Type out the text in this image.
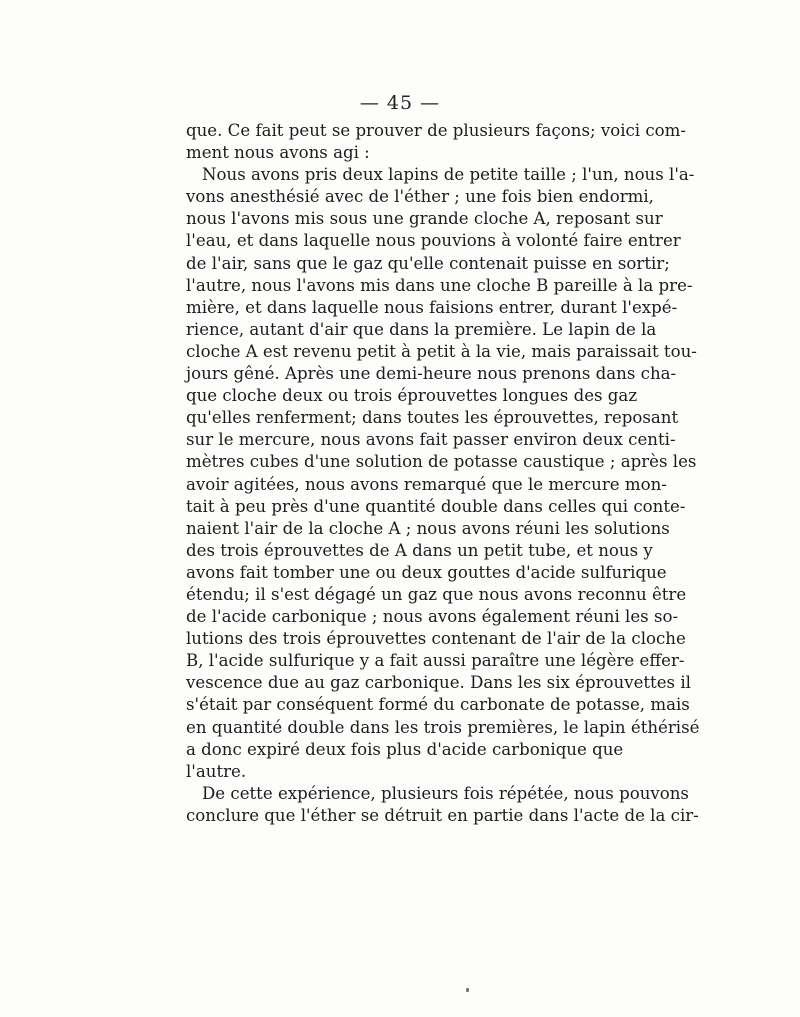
— 45 —
que. Ce fait peut se prouver de plusieurs façons; voici com-
ment nous avons agi :
Nous avons pris deux lapins de petite taille ; l'un, nous l'a-
vons anesthésié avec de l'éther ; une fois bien endormi,
nous l'avons mis sous une grande cloche A, reposant sur
l'eau, et dans laquelle nous pouvions à volonté faire entrer
de l'air, sans que le gaz qu'elle contenait puisse en sortir;
l'autre, nous l'avons mis dans une cloche B pareille à la pre-
mière, et dans laquelle nous faisions entrer, durant l'expé-
rience, autant d'air que dans la première. Le lapin de la
cloche A est revenu petit à petit à la vie, mais paraissait tou-
jours gêné. Après une demi-heure nous prenons dans cha-
que cloche deux ou trois éprouvettes longues des gaz
qu'elles renferment; dans toutes les éprouvettes, reposant
sur le mercure, nous avons fait passer environ deux centi-
mètres cubes d'une solution de potasse caustique ; après les
avoir agitées, nous avons remarqué que le mercure mon-
tait à peu près d'une quantité double dans celles qui conte-
naient l'air de la cloche A ; nous avons réuni les solutions
des trois éprouvettes de A dans un petit tube, et nous y
avons fait tomber une ou deux gouttes d'acide sulfurique
étendu; il s'est dégagé un gaz que nous avons reconnu être
de l'acide carbonique ; nous avons également réuni les so-
lutions des trois éprouvettes contenant de l'air de la cloche
B, l'acide sulfurique y a fait aussi paraître une légère effer-
vescence due au gaz carbonique. Dans les six éprouvettes il
s'était par conséquent formé du carbonate de potasse, mais
en quantité double dans les trois premières, le lapin éthérisé
a donc expiré deux fois plus d'acide carbonique que
l'autre.
De cette expérience, plusieurs fois répétée, nous pouvons
conclure que l'éther se détruit en partie dans l'acte de la cir-
